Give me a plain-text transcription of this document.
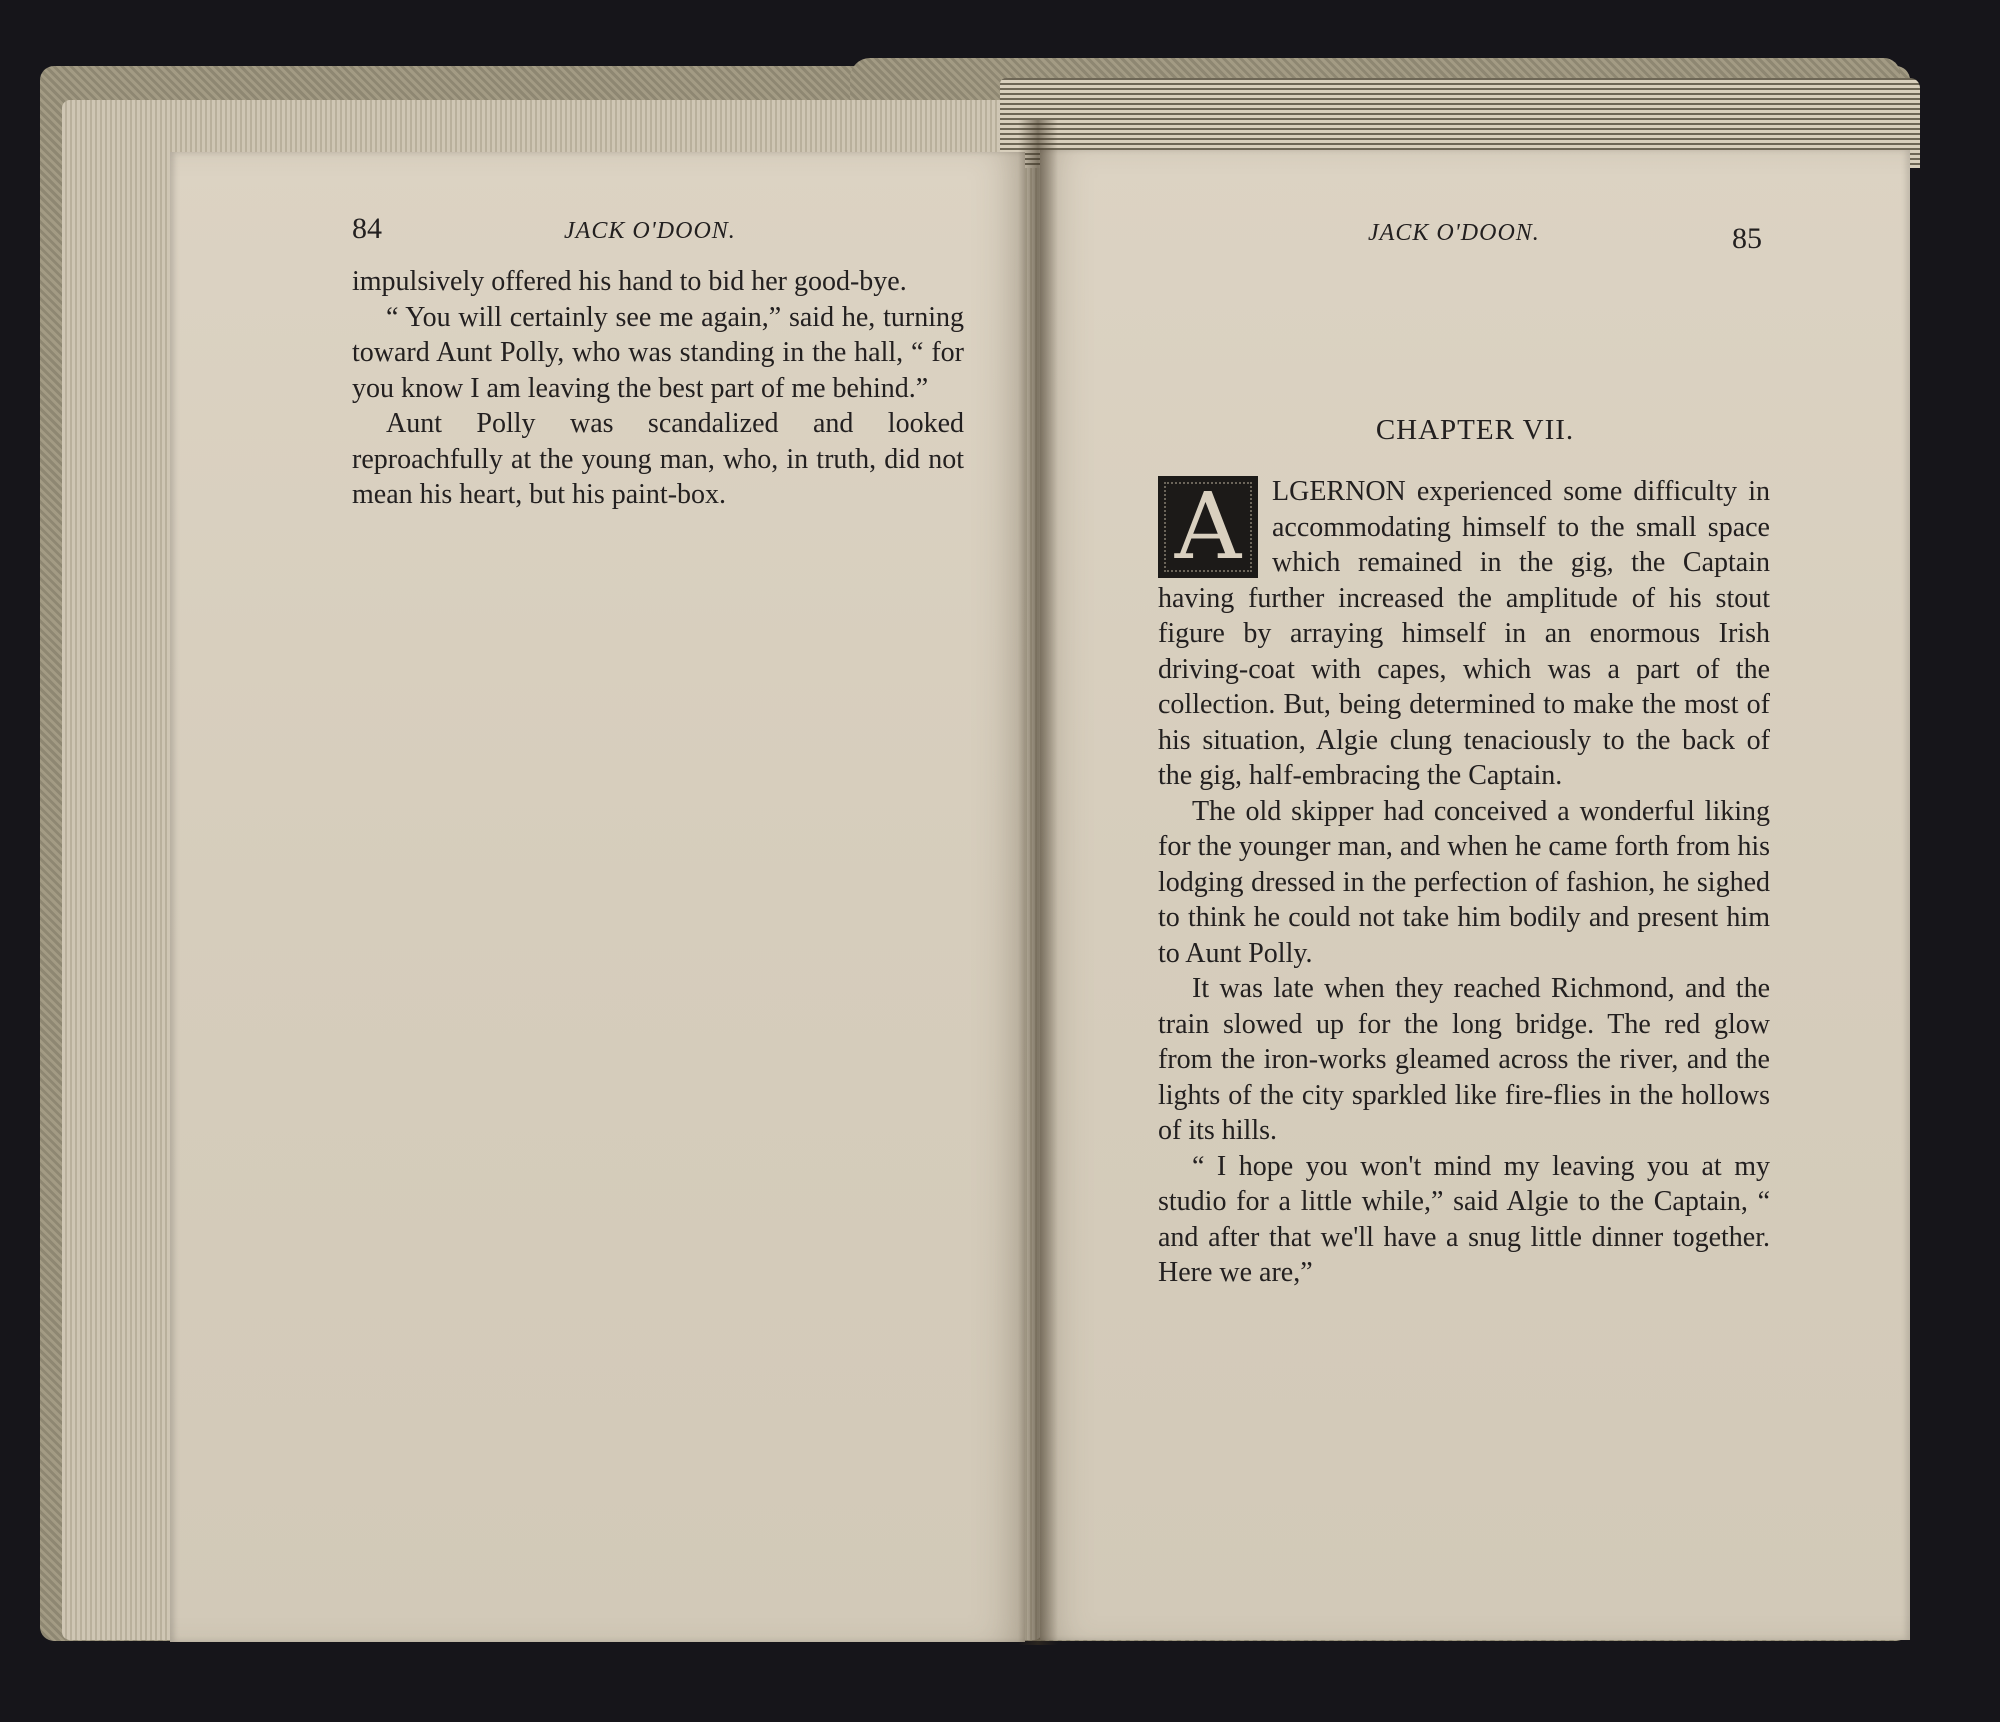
84	JACK O'DOON.

impulsively offered his hand to bid her good-bye.

“ You will certainly see me again,” said he, turning toward Aunt Polly, who was standing in the hall, “ for you know I am leaving the best part of me behind.”

Aunt Polly was scandalized and looked reproachfully at the young man, who, in truth, did not mean his heart, but his paint-box.

JACK O'DOON.	85
CHAPTER VII.

A	LGERNON experienced some difficulty in accommodating himself to the small space which remained in the gig, the Captain having further increased the amplitude of his stout figure by arraying himself in an enormous Irish driving-coat with capes, which was a part of the collection. But, being determined to make the most of his situation, Algie clung tenaciously to the back of the gig, half-embracing the Captain.

The old skipper had conceived a wonderful liking for the younger man, and when he came forth from his lodging dressed in the perfection of fashion, he sighed to think he could not take him bodily and present him to Aunt Polly.

It was late when they reached Richmond, and the train slowed up for the long bridge. The red glow from the iron-works gleamed across the river, and the lights of the city sparkled like fire-flies in the hollows of its hills.

“ I hope you won't mind my leaving you at my studio for a little while,” said Algie to the Captain, “ and after that we'll have a snug little dinner together. Here we are,”
